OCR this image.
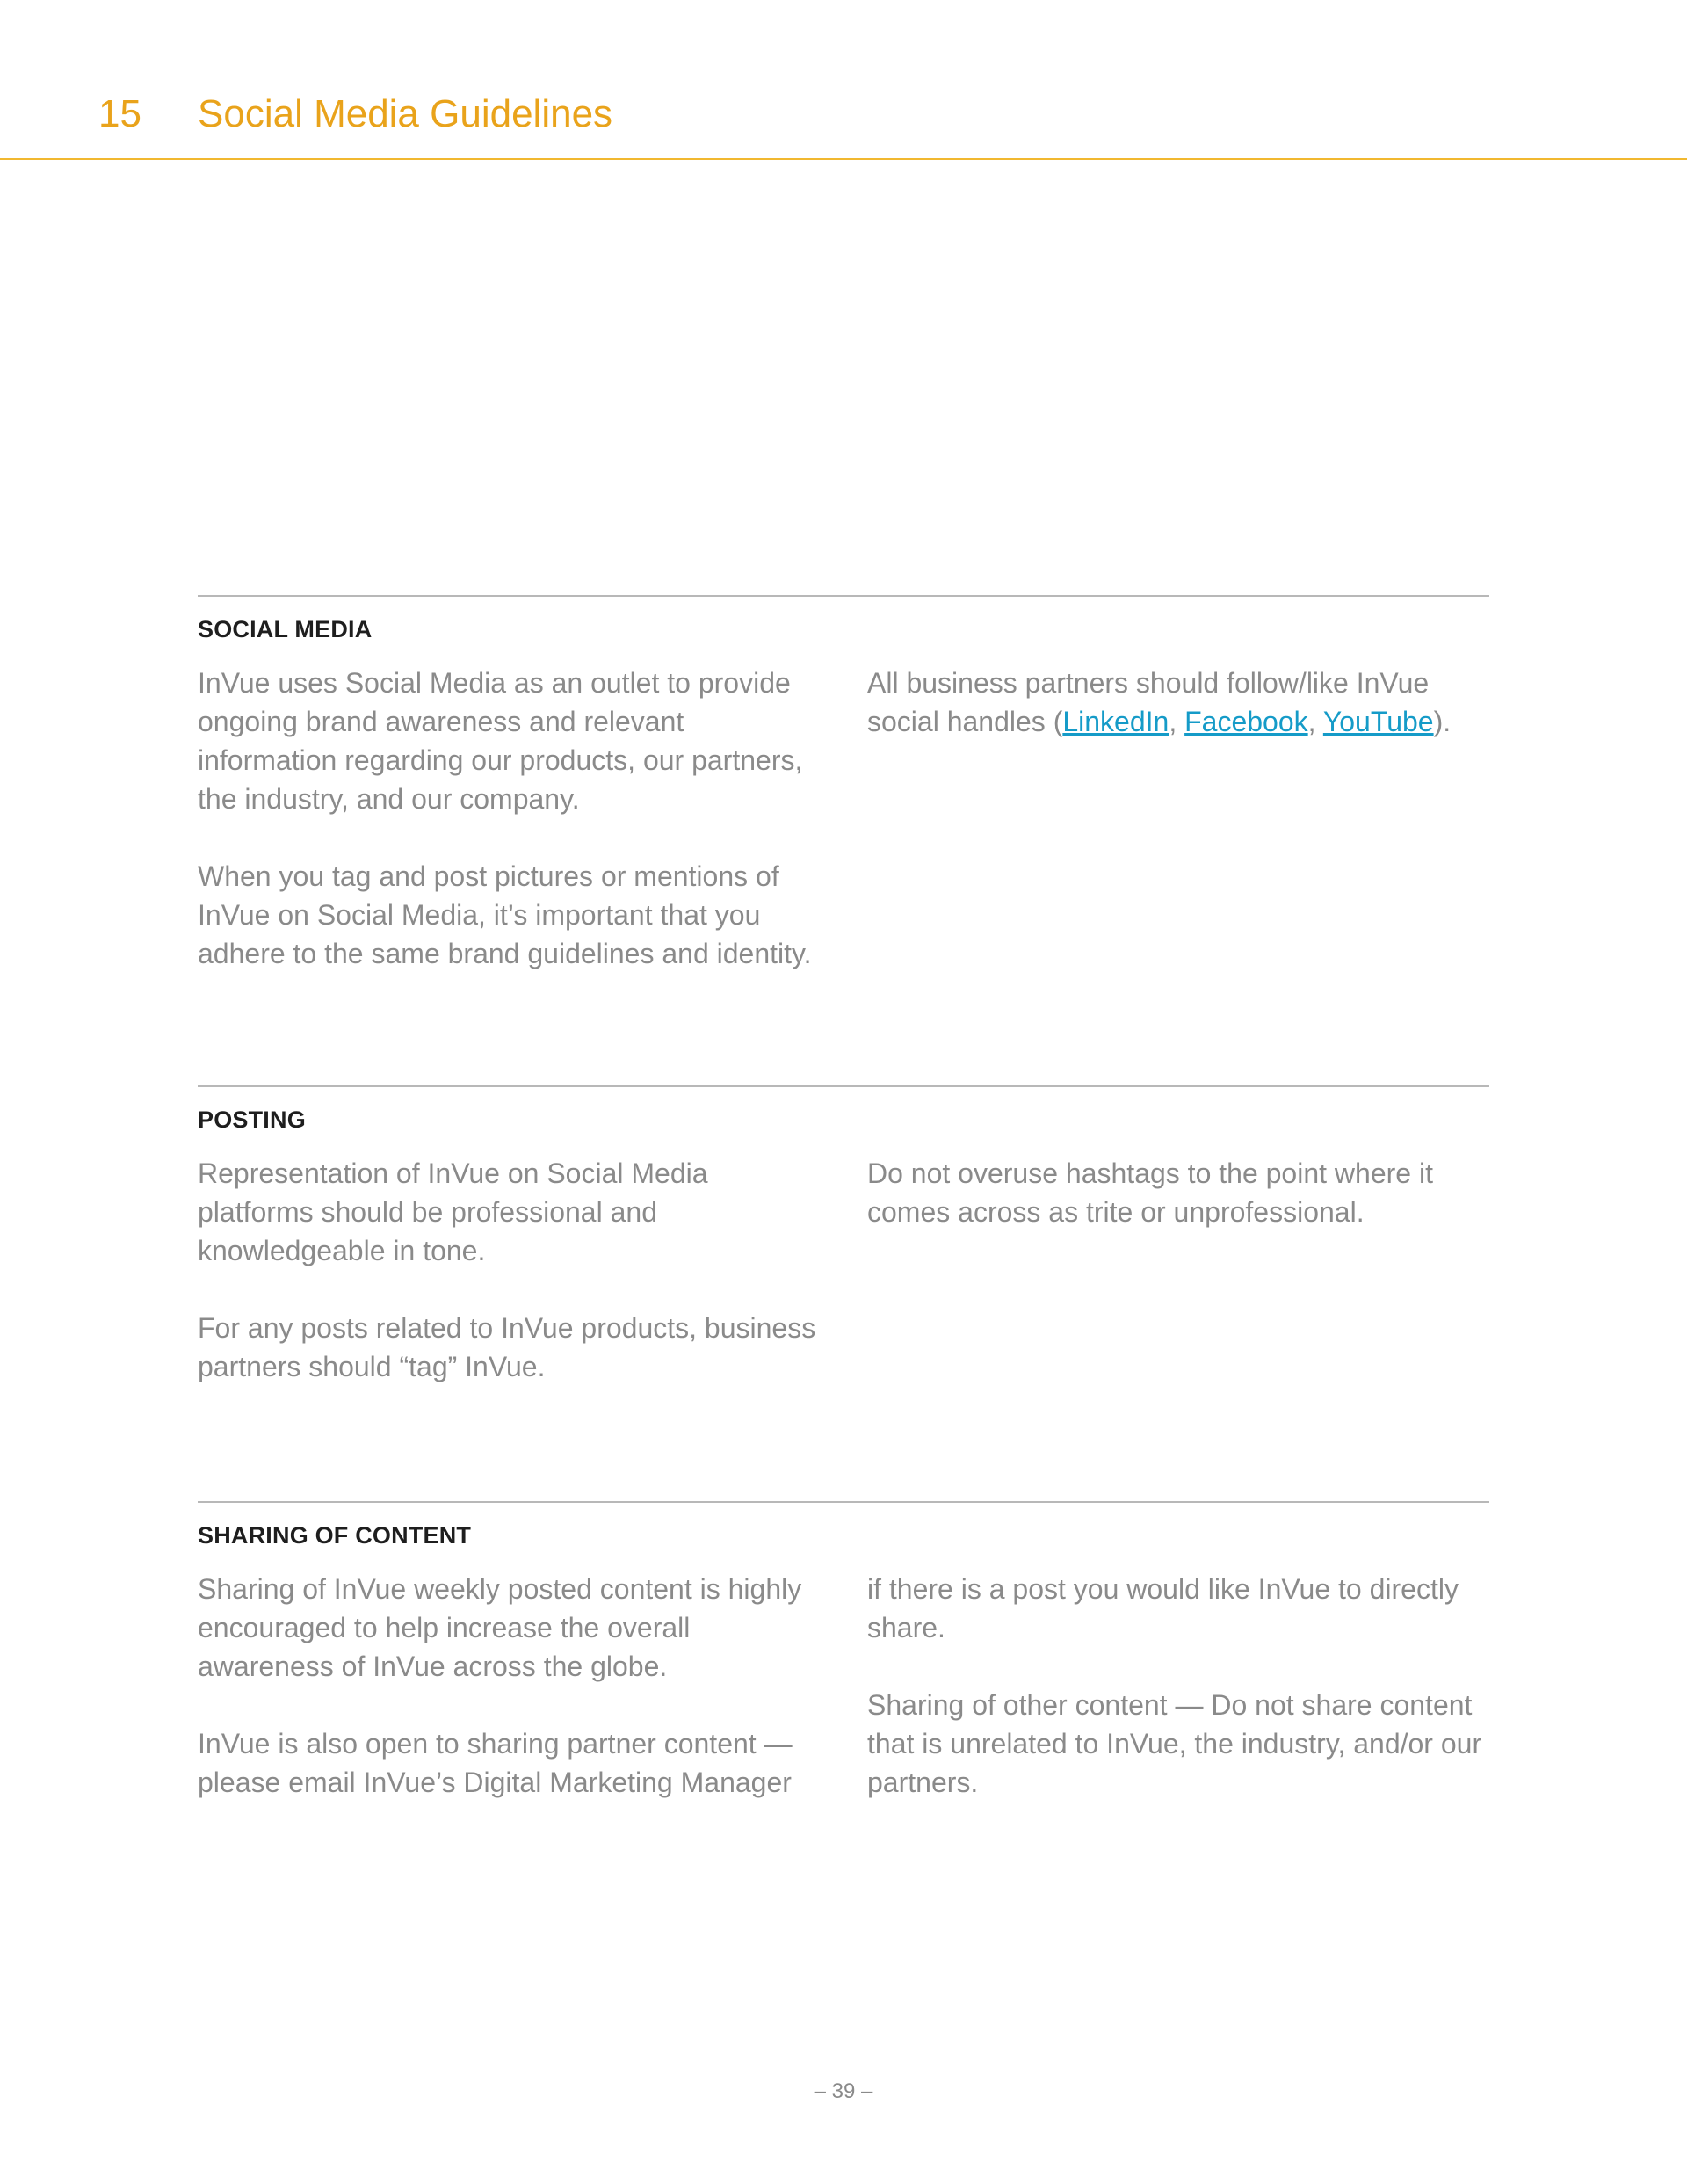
15 Social Media Guidelines
SOCIAL MEDIA

InVue uses Social Media as an outlet to provide ongoing brand awareness and relevant information regarding our products, our partners, the industry, and our company.

When you tag and post pictures or mentions of InVue on Social Media, it’s important that you adhere to the same brand guidelines and identity.

All business partners should follow/like InVue social handles (LinkedIn, Facebook, YouTube).

POSTING

Representation of InVue on Social Media platforms should be professional and knowledgeable in tone.

For any posts related to InVue products, business partners should “tag” InVue.

Do not overuse hashtags to the point where it comes across as trite or unprofessional.

SHARING OF CONTENT

Sharing of InVue weekly posted content is highly encouraged to help increase the overall awareness of InVue across the globe.

InVue is also open to sharing partner content — please email InVue’s Digital Marketing Manager

if there is a post you would like InVue to directly share.

Sharing of other content — Do not share content that is unrelated to InVue, the industry, and/or our partners.

– 39 –
